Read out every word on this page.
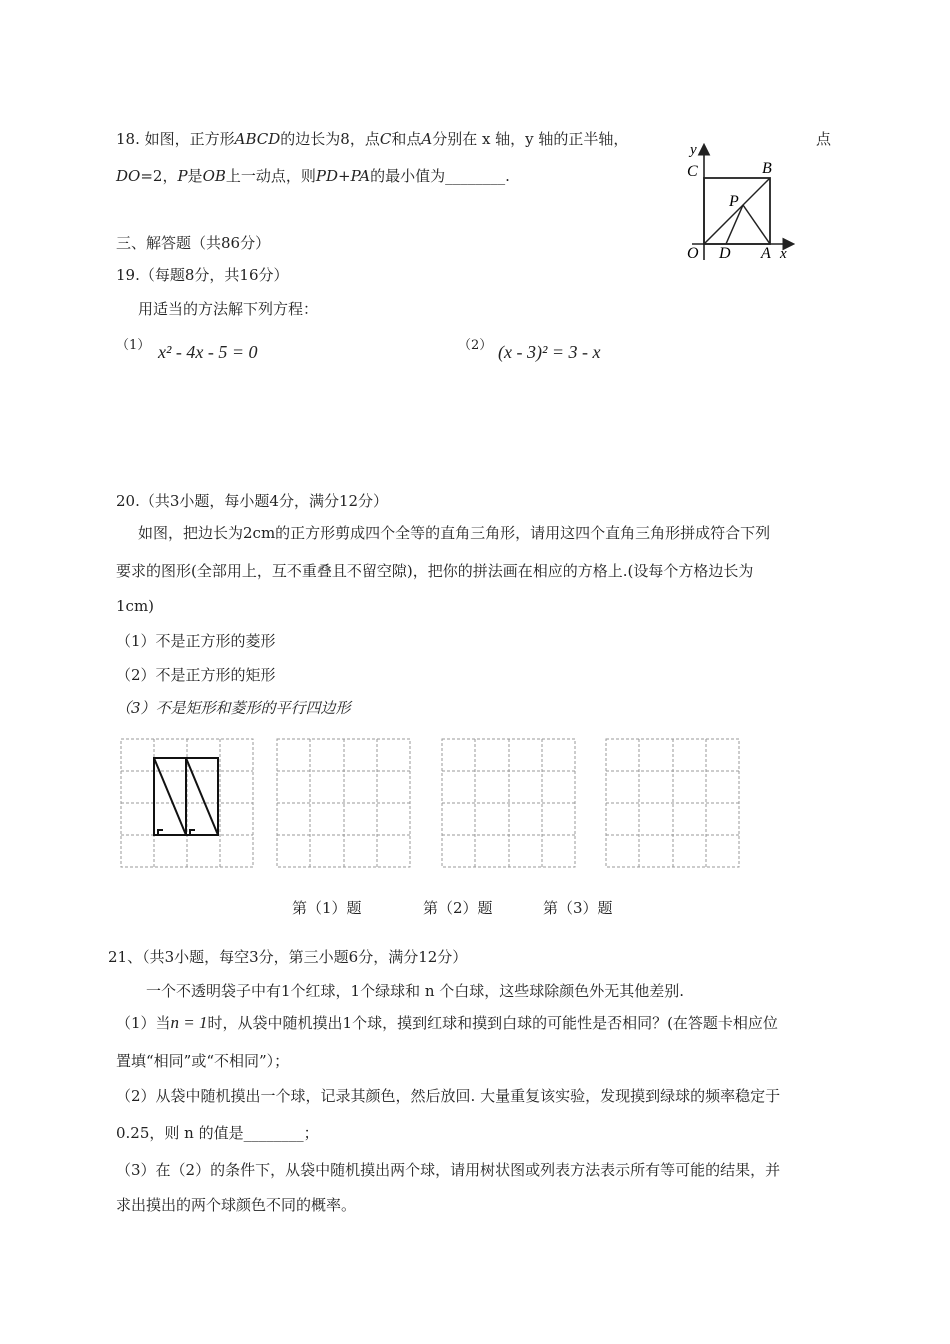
18. 如图，正方形ABCD的边长为8，点C和点A分别在 x 轴，y 轴的正半轴，	点
DO=2，P是OB上一动点，则PD+PA的最小值为________.
y
C	B
P
O D A x
三、解答题（共86分）
19.（每题8分，共16分）
用适当的方法解下列方程：
（1） x² - 4x - 5 = 0	（2） (x - 3)² = 3 - x
20.（共3小题，每小题4分，满分12分）
如图，把边长为2cm的正方形剪成四个全等的直角三角形，请用这四个直角三角形拼成符合下列
要求的图形(全部用上，互不重叠且不留空隙)，把你的拼法画在相应的方格上.(设每个方格边长为
1cm)
（1）不是正方形的菱形
（2）不是正方形的矩形
（3）不是矩形和菱形的平行四边形
第（1）题	第（2）题	第（3）题
21、（共3小题，每空3分，第三小题6分，满分12分）
一个不透明袋子中有1个红球，1个绿球和 n 个白球，这些球除颜色外无其他差别.
（1）当n = 1时，从袋中随机摸出1个球，摸到红球和摸到白球的可能性是否相同？(在答题卡相应位
置填“相同”或“不相同”）；
（2）从袋中随机摸出一个球，记录其颜色，然后放回. 大量重复该实验，发现摸到绿球的频率稳定于
0.25，则 n 的值是________；
（3）在（2）的条件下，从袋中随机摸出两个球，请用树状图或列表方法表示所有等可能的结果，并
求出摸出的两个球颜色不同的概率。
